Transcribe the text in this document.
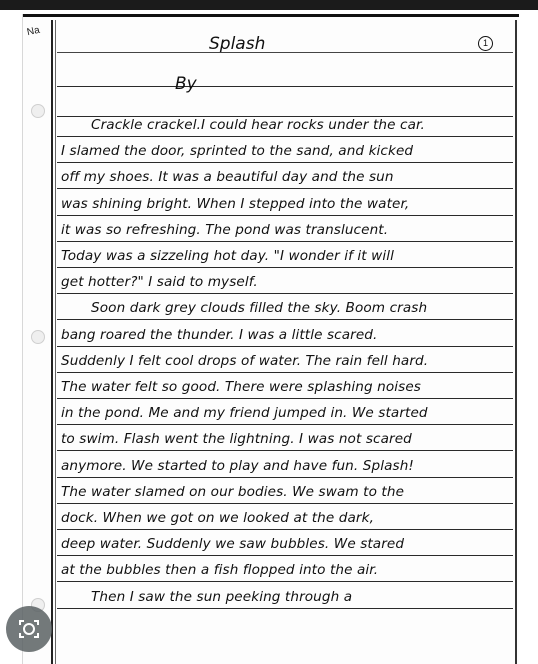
Na
1
Splash
By
Crackle crackel.I could hear rocks under the car.
I slamed the door, sprinted to the sand, and kicked
off my shoes. It was a beautiful day and the sun
was shining bright. When I stepped into the water,
it was so refreshing. The pond was translucent.
Today was a sizzeling hot day. "I wonder if it will
get hotter?" I said to myself.
Soon dark grey clouds filled the sky. Boom crash
bang roared the thunder. I was a little scared.
Suddenly I felt cool drops of water. The rain fell hard.
The water felt so good. There were splashing noises
in the pond. Me and my friend jumped in. We started
to swim. Flash went the lightning. I was not scared
anymore. We started to play and have fun. Splash!
The water slamed on our bodies. We swam to the
dock. When we got on we looked at the dark,
deep water. Suddenly we saw bubbles. We stared
at the bubbles then a fish flopped into the air.
Then I saw the sun peeking through a
